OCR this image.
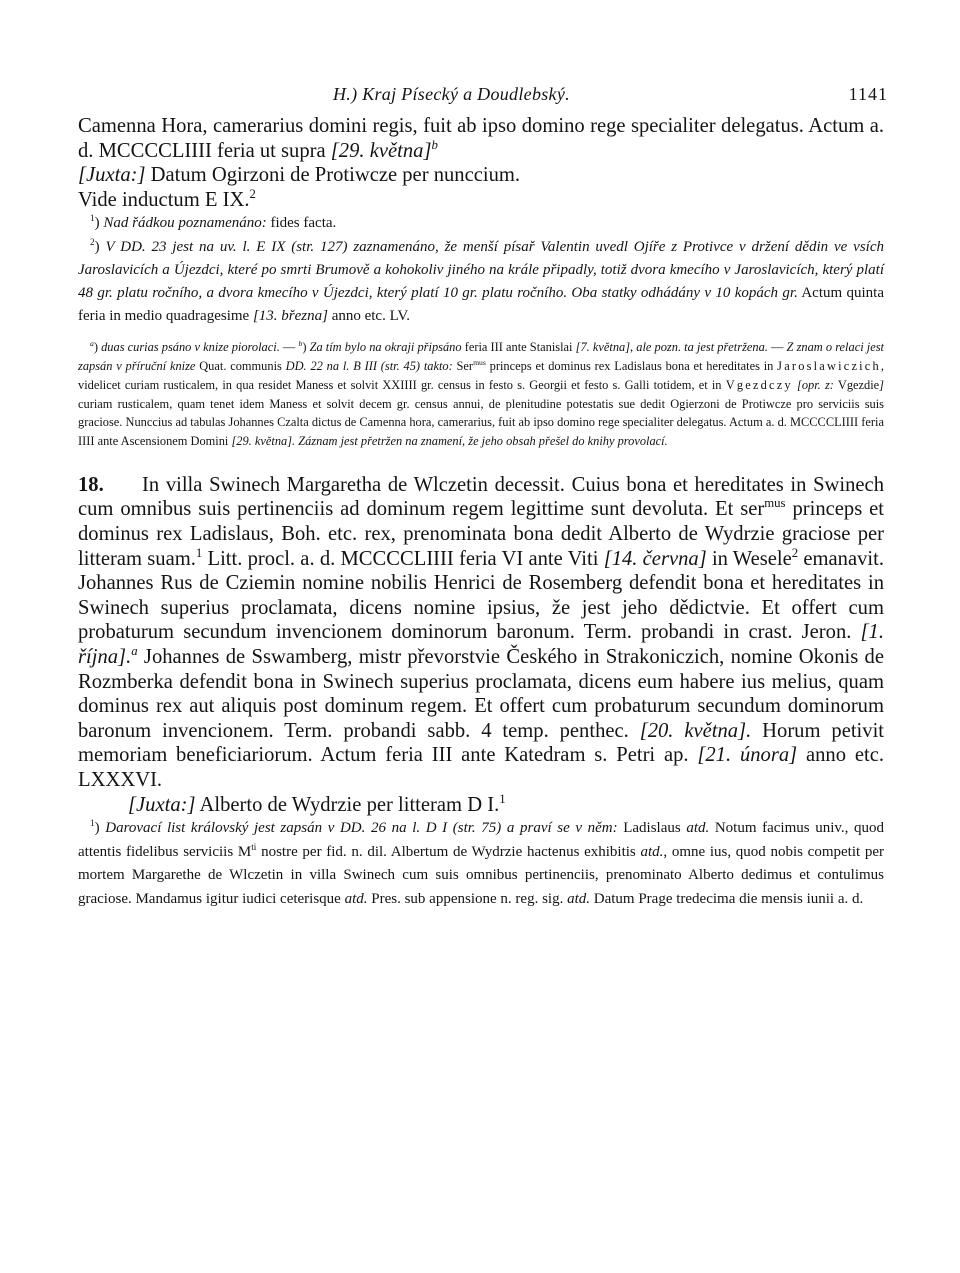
H.) Kraj Písecký a Doudlebský.	1141

Camenna Hora, camerarius domini regis, fuit ab ipso domino rege specialiter delegatus. Actum a. d. MCCCCLIIII feria ut supra [29. května]$^b$
[Juxta:] Datum Ogirzoni de Protiwcze per nunccium.
Vide inductum E IX.$^2$

$^1$) Nad řádkou poznamenáno: fides facta.

$^2$) V DD. 23 jest na uv. l. E IX (str. 127) zaznamenáno, že menší písař Valentin uvedl Ojíře z Protivce v držení dědin ve vsích Jaroslavicích a Újezdci, které po smrti Brumově a kohokoliv jiného na krále připadly, totiž dvora kmecího v Jaroslavicích, který platí 48 gr. platu ročního, a dvora kmecího v Újezdci, který platí 10 gr. platu ročního. Oba statky odhádány v 10 kopách gr. Actum quinta feria in medio quadragesime [13. března] anno etc. LV.

$^a$) duas curias psáno v knize piorolaci. — $^b$) Za tím bylo na okraji připsáno feria III ante Stanislai [7. května], ale pozn. ta jest přetržena. — Z znam o relaci jest zapsán v příruční knize Quat. communis DD. 22 na l. B III (str. 45) takto: Ser$^{mus}$ princeps et dominus rex Ladislaus bona et hereditates in Jaroslawiczich, videlicet curiam rusticalem, in qua residet Maness et solvit XXIIII gr. census in festo s. Georgii et festo s. Galli totidem, et in Vgezdczy [opr. z: Vgezdie] curiam rusticalem, quam tenet idem Maness et solvit decem gr. census annui, de plenitudine potestatis sue dedit Ogierzoni de Protiwcze pro serviciis suis graciose. Nunccius ad tabulas Johannes Czalta dictus de Camenna hora, camerarius, fuit ab ipso domino rege specialiter delegatus. Actum a. d. MCCCCLIIII feria IIII ante Ascensionem Domini [29. května]. Záznam jest přetržen na znamení, že jeho obsah přešel do knihy provolací.

18. In villa Swinech Margaretha de Wlczetin decessit. Cuius bona et hereditates in Swinech cum omnibus suis pertinenciis ad dominum regem legittime sunt devoluta. Et ser$^{mus}$ princeps et dominus rex Ladislaus, Boh. etc. rex, prenominata bona dedit Alberto de Wydrzie graciose per litteram suam.$^1$ Litt. procl. a. d. MCCCCLIIII feria VI ante Viti [14. června] in Wesele$^2$ emanavit. Johannes Rus de Cziemin nomine nobilis Henrici de Rosemberg defendit bona et hereditates in Swinech superius proclamata, dicens nomine ipsius, že jest jeho dědictvie. Et offert cum probaturum secundum invencionem dominorum baronum. Term. probandi in crast. Jeron. [1. října].$^a$ Johannes de Sswamberg, mistr převorstvie Českého in Strakoniczich, nomine Okonis de Rozmberka defendit bona in Swinech superius proclamata, dicens eum habere ius melius, quam dominus rex aut aliquis post dominum regem. Et offert cum probaturum secundum dominorum baronum invencionem. Term. probandi sabb. 4 temp. penthec. [20. května]. Horum petivit memoriam beneficiariorum. Actum feria III ante Katedram s. Petri ap. [21. února] anno etc. LXXXVI.

[Juxta:] Alberto de Wydrzie per litteram D I.$^1$

$^1$) Darovací list královský jest zapsán v DD. 26 na l. D I (str. 75) a praví se v něm: Ladislaus atd. Notum facimus univ., quod attentis fidelibus serviciis $M^{ti}$ nostre per fid. n. dil. Albertum de Wydrzie hactenus exhibitis atd., omne ius, quod nobis competit per mortem Margarethe de Wlczetin in villa Swinech cum suis omnibus pertinenciis, prenominato Alberto dedimus et contulimus graciose. Mandamus igitur iudici ceterisque atd. Pres. sub appensione n. reg. sig. atd. Datum Prage tredecima die mensis iunii a. d.
